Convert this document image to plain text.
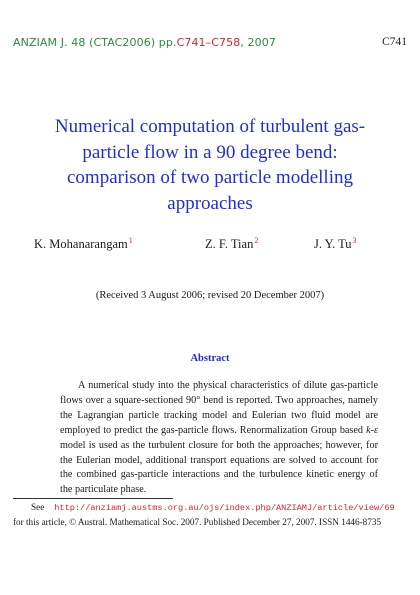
ANZIAM J. 48 (CTAC2006) pp.C741–C758, 2007	C741
Numerical computation of turbulent gas-particle flow in a 90 degree bend: comparison of two particle modelling approaches
K. Mohanarangam$^1$	Z. F. Tian$^2$	J. Y. Tu$^3$
(Received 3 August 2006; revised 20 December 2007)
Abstract
A numerical study into the physical characteristics of dilute gas-particle flows over a square-sectioned 90° bend is reported. Two approaches, namely the Lagrangian particle tracking model and Eulerian two fluid model are employed to predict the gas-particle flows. Renormalization Group based k-ε model is used as the turbulent closure for both the approaches; however, for the Eulerian model, additional transport equations are solved to account for the combined gas-particle interactions and the turbulence kinetic energy of the particulate phase.
See http://anziamj.austms.org.au/ojs/index.php/ANZIAMJ/article/view/69
for this article, © Austral. Mathematical Soc. 2007. Published December 27, 2007. ISSN 1446-8735
